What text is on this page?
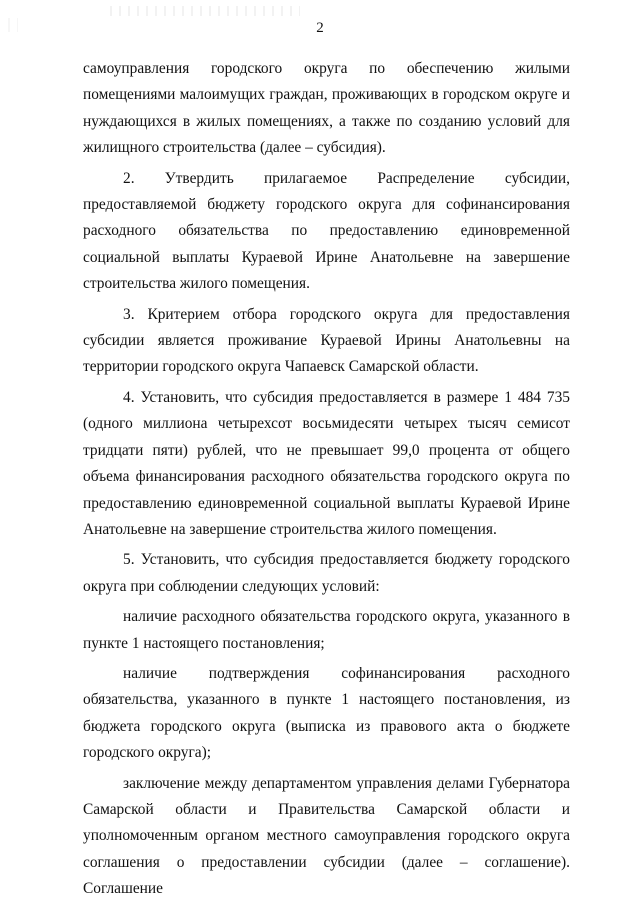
2

самоуправления городского округа по обеспечению жилыми помещениями малоимущих граждан, проживающих в городском округе и нуждающихся в жилых помещениях, а также по созданию условий для жилищного строительства (далее – субсидия).

2. Утвердить прилагаемое Распределение субсидии, предоставляемой бюджету городского округа для софинансирования расходного обязательства по предоставлению единовременной социальной выплаты Кураевой Ирине Анатольевне на завершение строительства жилого помещения.

3. Критерием отбора городского округа для предоставления субсидии является проживание Кураевой Ирины Анатольевны на территории городского округа Чапаевск Самарской области.

4. Установить, что субсидия предоставляется в размере 1 484 735 (одного миллиона четырехсот восьмидесяти четырех тысяч семисот тридцати пяти) рублей, что не превышает 99,0 процента от общего объема финансирования расходного обязательства городского округа по предоставлению единовременной социальной выплаты Кураевой Ирине Анатольевне на завершение строительства жилого помещения.

5. Установить, что субсидия предоставляется бюджету городского округа при соблюдении следующих условий:

наличие расходного обязательства городского округа, указанного в пункте 1 настоящего постановления;

наличие подтверждения софинансирования расходного обязательства, указанного в пункте 1 настоящего постановления, из бюджета городского округа (выписка из правового акта о бюджете городского округа);

заключение между департаментом управления делами Губернатора Самарской области и Правительства Самарской области и уполномоченным органом местного самоуправления городского округа соглашения о предоставлении субсидии (далее – соглашение). Соглашение
